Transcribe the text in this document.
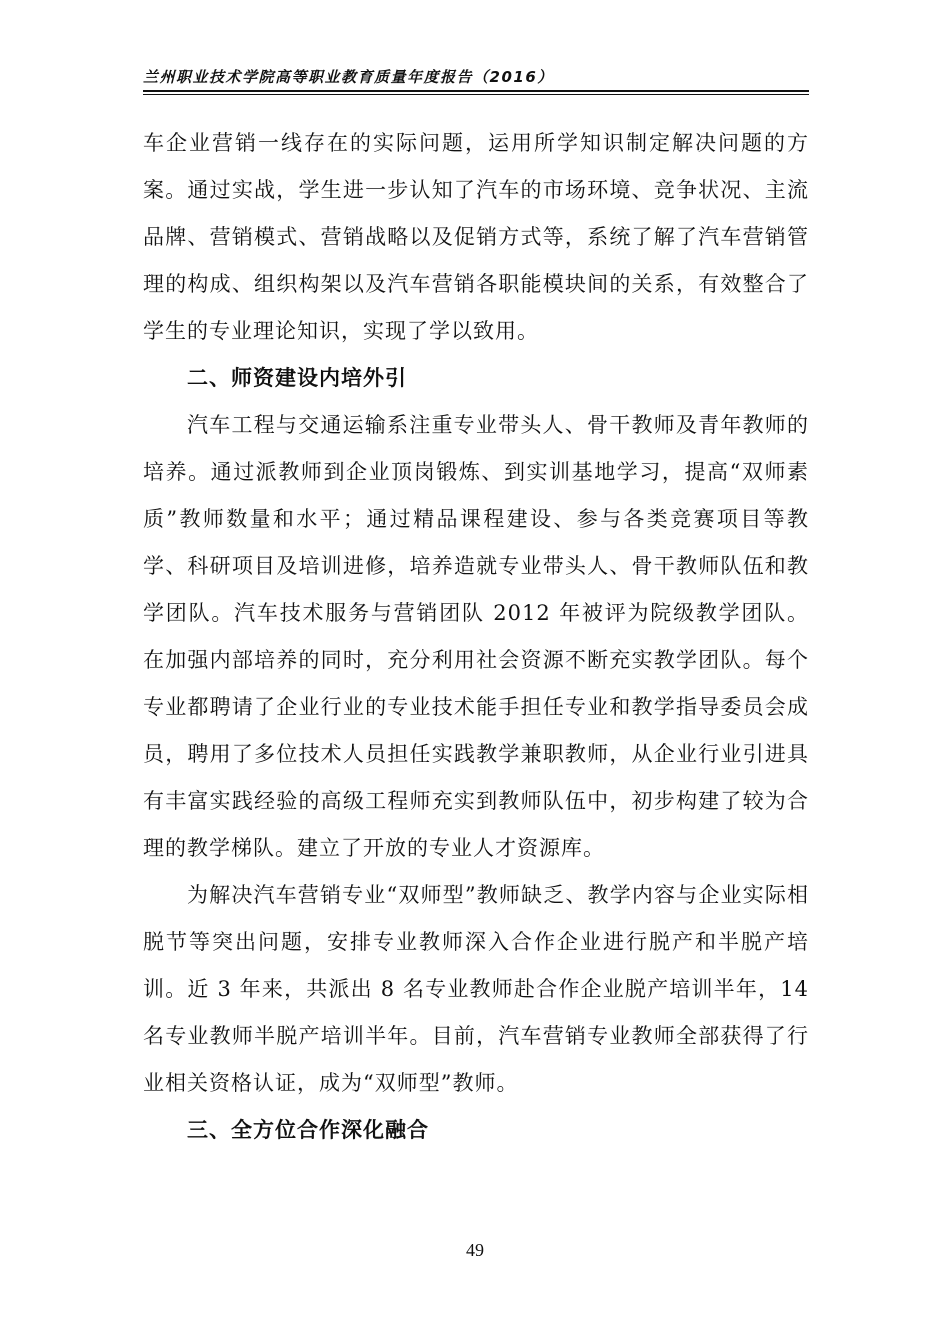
兰州职业技术学院高等职业教育质量年度报告（2016）

车企业营销一线存在的实际问题，运用所学知识制定解决问题的方案。通过实战，学生进一步认知了汽车的市场环境、竞争状况、主流品牌、营销模式、营销战略以及促销方式等，系统了解了汽车营销管理的构成、组织构架以及汽车营销各职能模块间的关系，有效整合了学生的专业理论知识，实现了学以致用。

二、师资建设内培外引

汽车工程与交通运输系注重专业带头人、骨干教师及青年教师的培养。通过派教师到企业顶岗锻炼、到实训基地学习，提高“双师素质”教师数量和水平；通过精品课程建设、参与各类竞赛项目等教学、科研项目及培训进修，培养造就专业带头人、骨干教师队伍和教学团队。汽车技术服务与营销团队 2012 年被评为院级教学团队。在加强内部培养的同时，充分利用社会资源不断充实教学团队。每个专业都聘请了企业行业的专业技术能手担任专业和教学指导委员会成员，聘用了多位技术人员担任实践教学兼职教师，从企业行业引进具有丰富实践经验的高级工程师充实到教师队伍中，初步构建了较为合理的教学梯队。建立了开放的专业人才资源库。

为解决汽车营销专业“双师型”教师缺乏、教学内容与企业实际相脱节等突出问题，安排专业教师深入合作企业进行脱产和半脱产培训。近 3 年来，共派出 8 名专业教师赴合作企业脱产培训半年，14 名专业教师半脱产培训半年。目前，汽车营销专业教师全部获得了行业相关资格认证，成为“双师型”教师。

三、全方位合作深化融合
49
